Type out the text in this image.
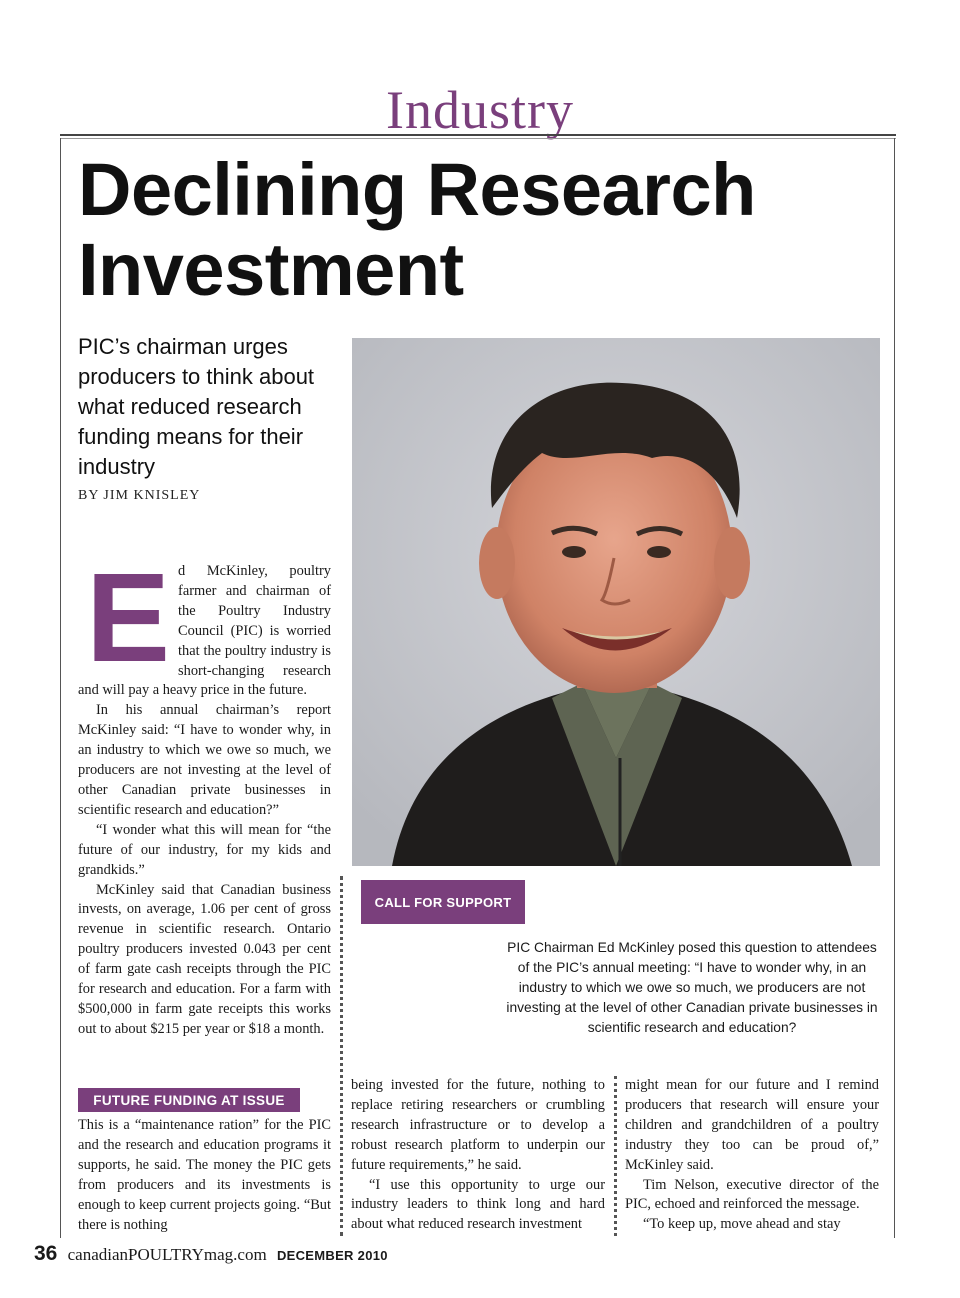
Industry
Declining Research
Investment
PIC’s chairman urges producers to think about what reduced research funding means for their industry
BY JIM KNISLEY
E d McKinley, poultry farmer and chairman of the Poultry Industry Council (PIC) is worried that the poultry industry is short-changing research and will pay a heavy price in the future.

In his annual chairman’s report McKinley said: “I have to wonder why, in an industry to which we owe so much, we producers are not investing at the level of other Canadian private businesses in scientific research and education?”

“I wonder what this will mean for “the future of our industry, for my kids and grandkids.”

McKinley said that Canadian business invests, on average, 1.06 per cent of gross revenue in scientific research. Ontario poultry producers invested 0.043 per cent of farm gate cash receipts through the PIC for research and education. For a farm with $500,000 in farm gate receipts this works out to about $215 per year or $18 a month.

CALL FOR SUPPORT
PIC Chairman Ed McKinley posed this question to attendees of the PIC’s annual meeting: “I have to wonder why, in an industry to which we owe so much, we producers are not investing at the level of other Canadian private businesses in scientific research and education?
FUTURE FUNDING AT ISSUE

This is a “maintenance ration” for the PIC and the research and education programs it supports, he said. The money the PIC gets from producers and its investments is enough to keep current projects going. “But there is nothing

being invested for the future, nothing to replace retiring researchers or crumbling research infrastructure or to develop a robust research platform to underpin our future requirements,” he said.

“I use this opportunity to urge our industry leaders to think long and hard about what reduced research investment

might mean for our future and I remind producers that research will ensure your children and grandchildren of a poultry industry they too can be proud of,” McKinley said.

Tim Nelson, executive director of the PIC, echoed and reinforced the message.

“To keep up, move ahead and stay

36 canadianPOULTRYmag.com DECEMBER 2010
